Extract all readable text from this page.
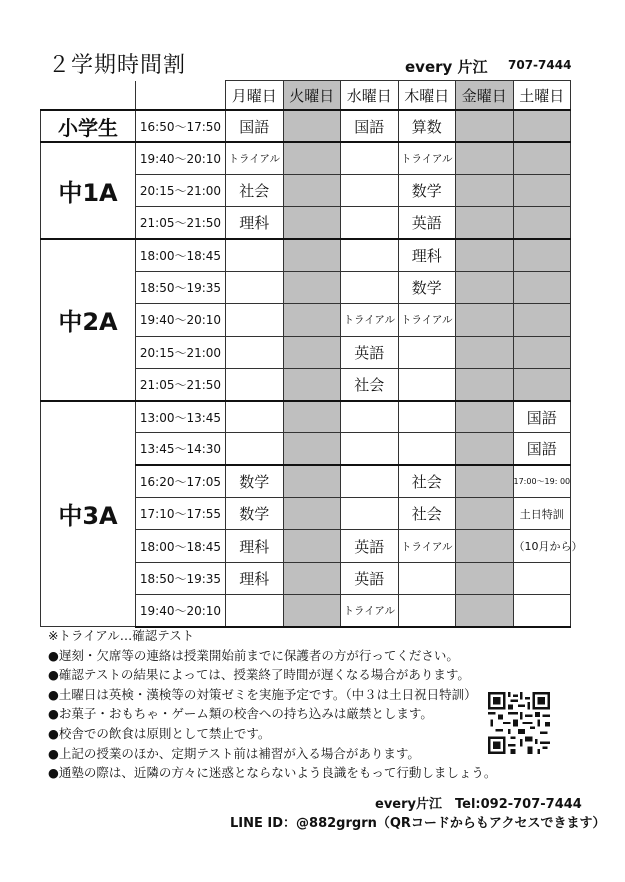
２学期時間割	every 片江 707-7444
		月曜日	火曜日	水曜日	木曜日	金曜日	土曜日
小学生	16:50～17:50	国語		国語	算数		
中1A	19:40～20:10	トライアル			トライアル		
	20:15～21:00	社会			数学		
	21:05～21:50	理科			英語		
中2A	18:00～18:45				理科		
	18:50～19:35				数学		
	19:40～20:10			トライアル	トライアル		
	20:15～21:00			英語			
	21:05～21:50			社会			
中3A	13:00～13:45						国語
	13:45～14:30						国語
	16:20～17:05	数学			社会		17:00～19: 00
	17:10～17:55	数学			社会		土日特訓
	18:00～18:45	理科		英語	トライアル		（10月から）
	18:50～19:35	理科		英語			
	19:40～20:10			トライアル			
※トライアル…確認テスト
●遅刻・欠席等の連絡は授業開始前までに保護者の方が行ってください。
●確認テストの結果によっては、授業終了時間が遅くなる場合があります。
●土曜日は英検・漢検等の対策ゼミを実施予定です。（中３は土日祝日特訓）
●お菓子・おもちゃ・ゲーム類の校舎への持ち込みは厳禁とします。
●校舎での飲食は原則として禁止です。
●上記の授業のほか、定期テスト前は補習が入る場合があります。
●通塾の際は、近隣の方々に迷惑とならないよう良識をもって行動しましょう。
every片江　Tel:092-707-7444
LINE ID：@882grgrn（QRコードからもアクセスできます）
